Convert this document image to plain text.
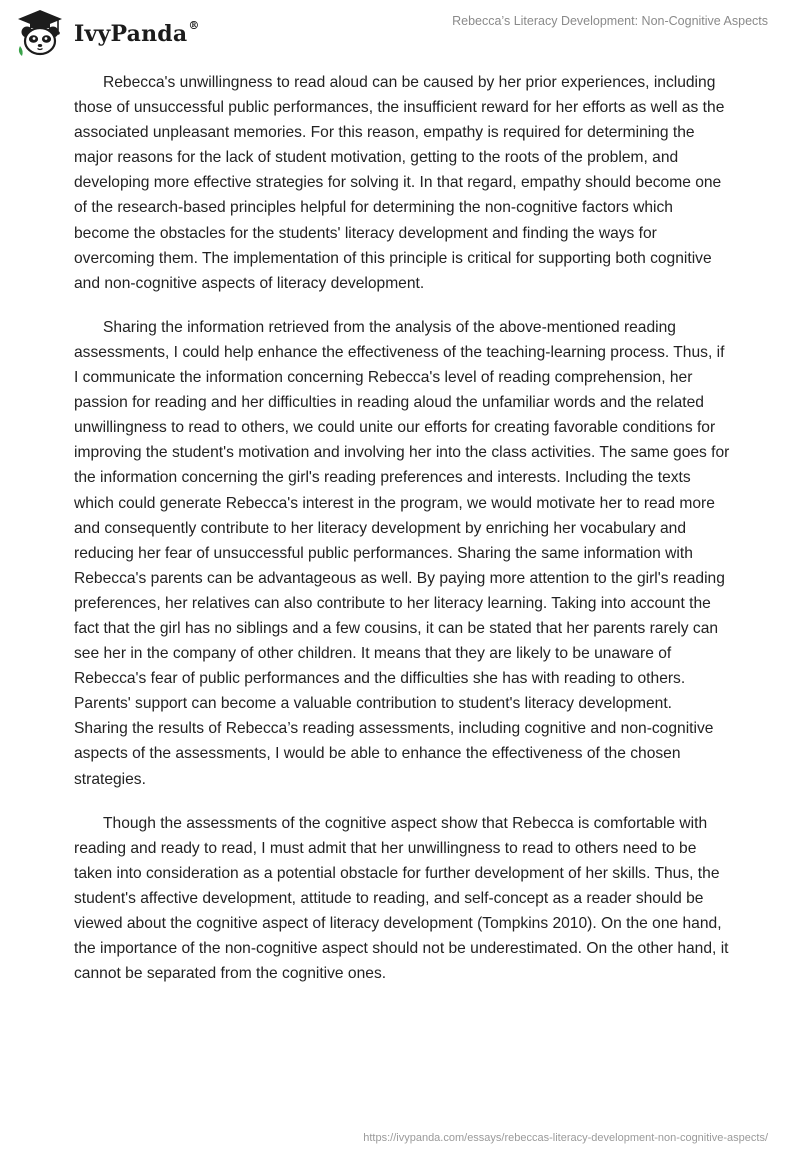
IvyPanda®	Rebecca’s Literacy Development: Non-Cognitive Aspects

Rebecca's unwillingness to read aloud can be caused by her prior experiences, including those of unsuccessful public performances, the insufficient reward for her efforts as well as the associated unpleasant memories. For this reason, empathy is required for determining the major reasons for the lack of student motivation, getting to the roots of the problem, and developing more effective strategies for solving it. In that regard, empathy should become one of the research-based principles helpful for determining the non-cognitive factors which become the obstacles for the students' literacy development and finding the ways for overcoming them. The implementation of this principle is critical for supporting both cognitive and non-cognitive aspects of literacy development.

Sharing the information retrieved from the analysis of the above-mentioned reading assessments, I could help enhance the effectiveness of the teaching-learning process. Thus, if I communicate the information concerning Rebecca's level of reading comprehension, her passion for reading and her difficulties in reading aloud the unfamiliar words and the related unwillingness to read to others, we could unite our efforts for creating favorable conditions for improving the student's motivation and involving her into the class activities. The same goes for the information concerning the girl's reading preferences and interests. Including the texts which could generate Rebecca's interest in the program, we would motivate her to read more and consequently contribute to her literacy development by enriching her vocabulary and reducing her fear of unsuccessful public performances. Sharing the same information with Rebecca's parents can be advantageous as well. By paying more attention to the girl's reading preferences, her relatives can also contribute to her literacy learning. Taking into account the fact that the girl has no siblings and a few cousins, it can be stated that her parents rarely can see her in the company of other children. It means that they are likely to be unaware of Rebecca's fear of public performances and the difficulties she has with reading to others. Parents' support can become a valuable contribution to student's literacy development. Sharing the results of Rebecca’s reading assessments, including cognitive and non-cognitive aspects of the assessments, I would be able to enhance the effectiveness of the chosen strategies.

Though the assessments of the cognitive aspect show that Rebecca is comfortable with reading and ready to read, I must admit that her unwillingness to read to others need to be taken into consideration as a potential obstacle for further development of her skills. Thus, the student's affective development, attitude to reading, and self-concept as a reader should be viewed about the cognitive aspect of literacy development (Tompkins 2010). On the one hand, the importance of the non-cognitive aspect should not be underestimated. On the other hand, it cannot be separated from the cognitive ones.

https://ivypanda.com/essays/rebeccas-literacy-development-non-cognitive-aspects/
